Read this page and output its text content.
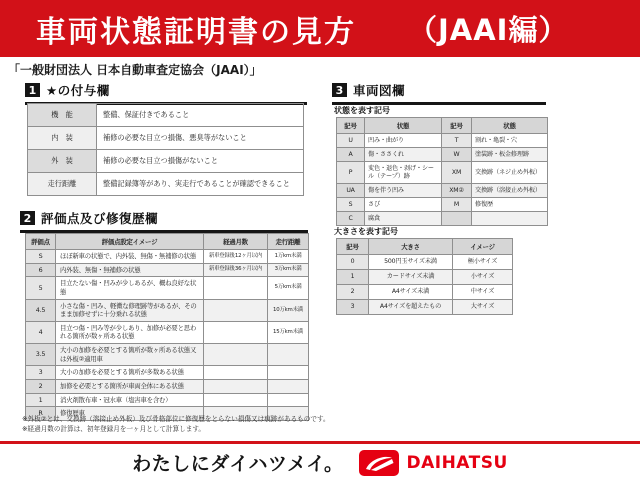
車両状態証明書の見方 （JAAI編）
「一般財団法人 日本自動車査定協会（JAAI）」
1 ★の付与欄
機　能	整備、保証付きであること
内　装	補修の必要な目立つ損傷、悪臭等がないこと
外　装	補修の必要な目立つ損傷がないこと
走行距離	整備記録簿等があり、実走行であることが確認できること
2 評価点及び修復歴欄
評価点	評価点設定イメージ	経過月数	走行距離
S	ほぼ新車の状態で、内外装、無傷・無補修の状態	新車登録後12ヶ月以内	1万km未満
6	内外装、無傷・無補修の状態	新車登録後36ヶ月以内	3万km未満
5	目立たない傷・凹みが少しあるが、概ね良好な状態		5万km未満
4.5	小さな傷・凹み、軽微な修理跡等があるが、そのまま加修せずに十分乗れる状態		10万km未満
4	目立つ傷・凹み等が少しあり、加修が必要と思われる箇所が数ヶ所ある状態		15万km未満
3.5	大小の加修を必要とする箇所が数ヶ所ある状態又は外板②適用車		
3	大小の加修を必要とする箇所が多数ある状態		
2	加修を必要とする箇所が車両全体にある状態		
1	消火剤散布車・冠水車（塩害車を含む）		
R	修復歴車		
3 車両図欄
状態を表す記号
記号	状態	記号	状態
U	凹み・曲がり	T	割れ・亀裂・穴
A	傷・ささくれ	W	塗装跡・板金修理跡
P	変色・退色・剥げ・シール（テープ）跡	XM	交換跡（ネジ止め外板）
UA	傷を伴う凹み	XM②	交換跡（溶接止め外板）
S	さび	M	修復歴
C	腐食		
大きさを表す記号
記号	大きさ	イメージ
0	500円玉サイズ未満	極小サイズ
1	カードサイズ未満	小サイズ
2	A4サイズ未満	中サイズ
3	A4サイズを超えたもの	大サイズ
※外板②とは、交換跡（溶接止め外板）及び骨格部位に修復歴をとらない損傷又は痕跡があるものです。
※経過月数の計算は、初年登録月を一ヶ月として計算します。
わたしにダイハツメイ。	DAIHATSU
